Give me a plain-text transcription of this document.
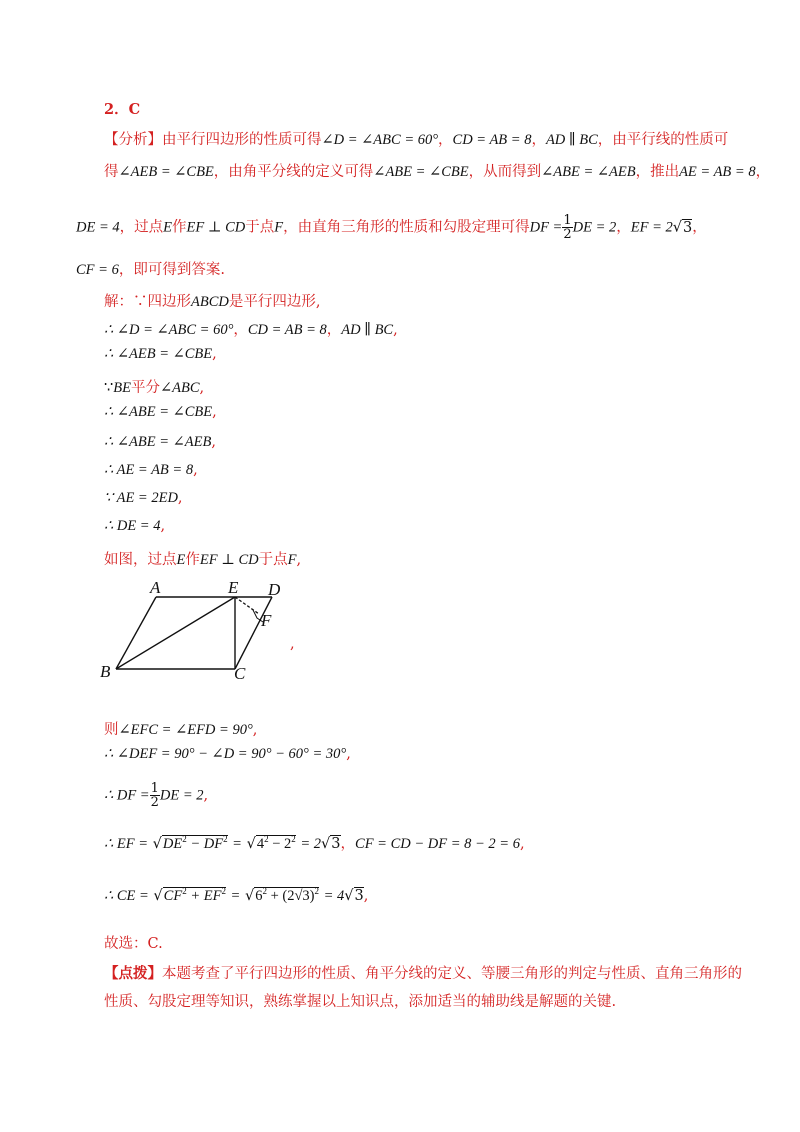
2．C
【分析】由平行四边形的性质可得∠D = ∠ABC = 60°，CD = AB = 8，AD ∥ BC，由平行线的性质可
得∠AEB = ∠CBE，由角平分线的定义可得∠ABE = ∠CBE，从而得到∠ABE = ∠AEB，推出AE = AB = 8，
DE = 4，过点E作EF ⊥ CD于点F，由直角三角形的性质和勾股定理可得DF = $\frac{1}{2}$ DE = 2，EF = 2√3，
CF = 6，即可得到答案.
解：∵四边形ABCD是平行四边形,
∴ ∠D = ∠ABC = 60°，CD = AB = 8，AD ∥ BC,
∴ ∠AEB = ∠CBE,
∵BE平分∠ABC,
∴ ∠ABE = ∠CBE,
∴ ∠ABE = ∠AEB,
∴ AE = AB = 8,
∵ AE = 2ED,
∴ DE = 4,
如图，过点E作EF ⊥ CD于点F,
A	E D
F
B	C
,
则∠EFC = ∠EFD = 90°,
∴ ∠DEF = 90° − ∠D = 90° − 60° = 30°,
∴ DF = $\frac{1}{2}$ DE = 2,
∴ EF = $√DE^2 - DF^2 = √4^2 - 2^2 = 2√3$，CF = CD − DF = 8 − 2 = 6,
∴ CE = $√CF^2 + EF^2 = √6^2 + (2√3)^2 = 4√3$,
故选：C.
【点拨】本题考查了平行四边形的性质、角平分线的定义、等腰三角形的判定与性质、直角三角形的
性质、勾股定理等知识，熟练掌握以上知识点，添加适当的辅助线是解题的关键.
